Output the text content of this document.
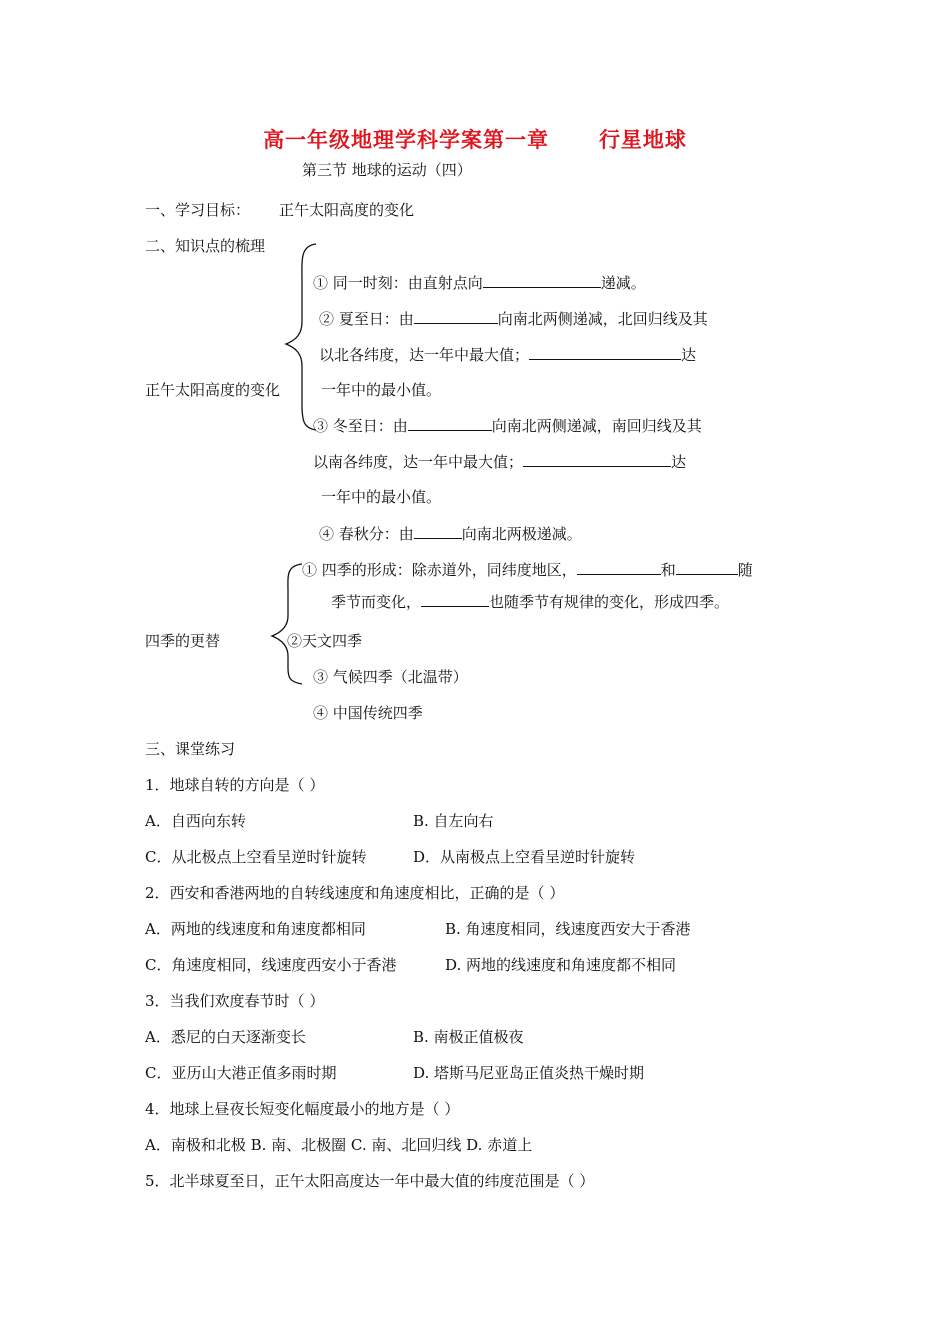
高一年级地理学科学案第一章 行星地球
第三节 地球的运动（四）
一、学习目标： 正午太阳高度的变化
二、知识点的梳理
① 同一时刻：由直射点向	递减。
② 夏至日：由	向南北两侧递减，北回归线及其
以北各纬度，达一年中最大值；	达
正午太阳高度的变化	一年中的最小值。
③ 冬至日：由	向南北两侧递减，南回归线及其
以南各纬度，达一年中最大值；	达
一年中的最小值。
④ 春秋分：由	向南北两极递减。
① 四季的形成：除赤道外，同纬度地区，	和	随
季节而变化，	也随季节有规律的变化，形成四季。
四季的更替	②天文四季
③ 气候四季（北温带）
④ 中国传统四季
三、课堂练习
1．地球自转的方向是（ ）
A．自西向东转	B. 自左向右
C．从北极点上空看呈逆时针旋转	D．从南极点上空看呈逆时针旋转
2．西安和香港两地的自转线速度和角速度相比，正确的是（ ）
A．两地的线速度和角速度都相同	B. 角速度相同，线速度西安大于香港
C．角速度相同，线速度西安小于香港	D. 两地的线速度和角速度都不相同
3．当我们欢度春节时（ ）
A．悉尼的白天逐渐变长	B. 南极正值极夜
C．亚历山大港正值多雨时期	D. 塔斯马尼亚岛正值炎热干燥时期
4．地球上昼夜长短变化幅度最小的地方是（ ）
A．南极和北极 B. 南、北极圈 C. 南、北回归线 D. 赤道上
5．北半球夏至日，正午太阳高度达一年中最大值的纬度范围是（ ）
